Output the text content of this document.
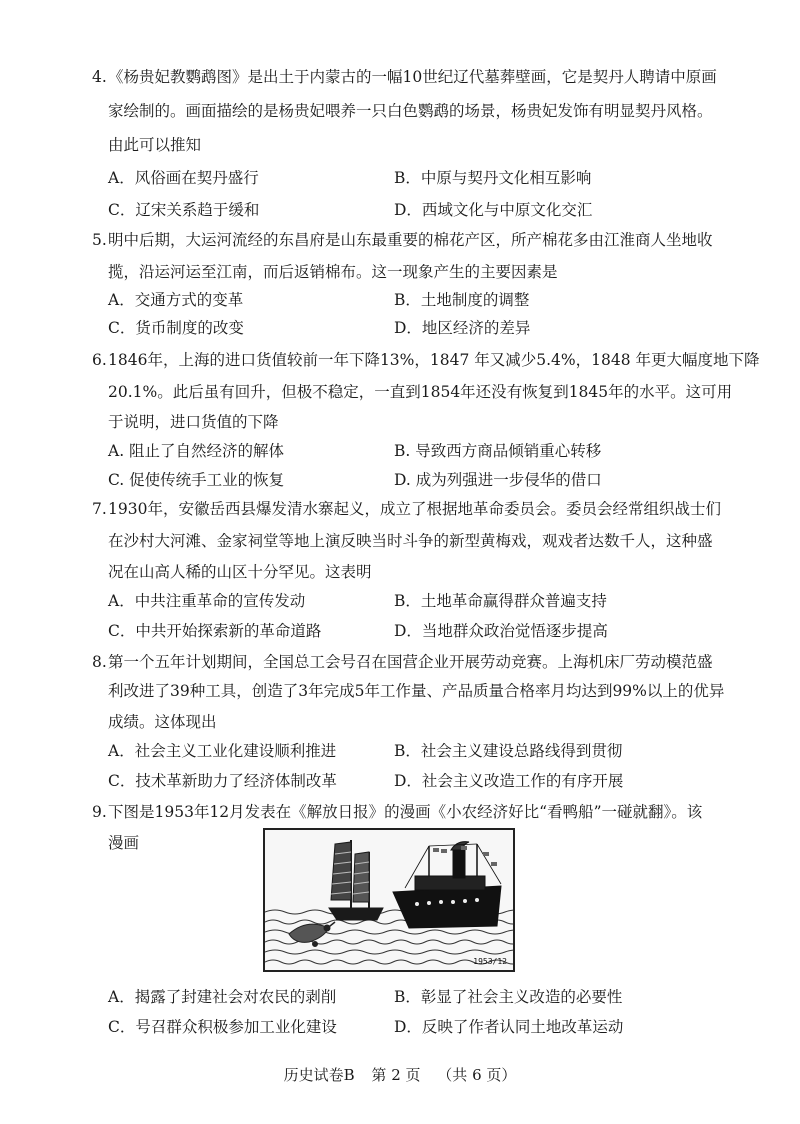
4. 《杨贵妃教鹦鹉图》是出土于内蒙古的一幅10世纪辽代墓葬壁画，它是契丹人聘请中原画
家绘制的。画面描绘的是杨贵妃喂养一只白色鹦鹉的场景，杨贵妃发饰有明显契丹风格。
由此可以推知
A．风俗画在契丹盛行	B．中原与契丹文化相互影响
C．辽宋关系趋于缓和	D．西域文化与中原文化交汇
5. 明中后期，大运河流经的东昌府是山东最重要的棉花产区，所产棉花多由江淮商人坐地收
揽，沿运河运至江南，而后返销棉布。这一现象产生的主要因素是
A．交通方式的变革	B．土地制度的调整
C．货币制度的改变	D．地区经济的差异
6. 1846年，上海的进口货值较前一年下降13%，1847 年又减少5.4%，1848 年更大幅度地下降
20.1%。此后虽有回升，但极不稳定，一直到1854年还没有恢复到1845年的水平。这可用
于说明，进口货值的下降
A. 阻止了自然经济的解体	B. 导致西方商品倾销重心转移
C. 促使传统手工业的恢复	D. 成为列强进一步侵华的借口
7. 1930年，安徽岳西县爆发清水寨起义，成立了根据地革命委员会。委员会经常组织战士们
在沙村大河滩、金家祠堂等地上演反映当时斗争的新型黄梅戏，观戏者达数千人，这种盛
况在山高人稀的山区十分罕见。这表明
A．中共注重革命的宣传发动	B．土地革命赢得群众普遍支持
C．中共开始探索新的革命道路	D．当地群众政治觉悟逐步提高
8. 第一个五年计划期间，全国总工会号召在国营企业开展劳动竞赛。上海机床厂劳动模范盛
利改进了39种工具，创造了3年完成5年工作量、产品质量合格率月均达到99%以上的优异
成绩。这体现出
A．社会主义工业化建设顺利推进	B．社会主义建设总路线得到贯彻
C．技术革新助力了经济体制改革	D．社会主义改造工作的有序开展
9. 下图是1953年12月发表在《解放日报》的漫画《小农经济好比“看鸭船”一碰就翻》。该
漫画
1953/12
A．揭露了封建社会对农民的剥削	B．彰显了社会主义改造的必要性
C．号召群众积极参加工业化建设	D．反映了作者认同土地改革运动
历史试卷B 第 2 页 （共 6 页）
